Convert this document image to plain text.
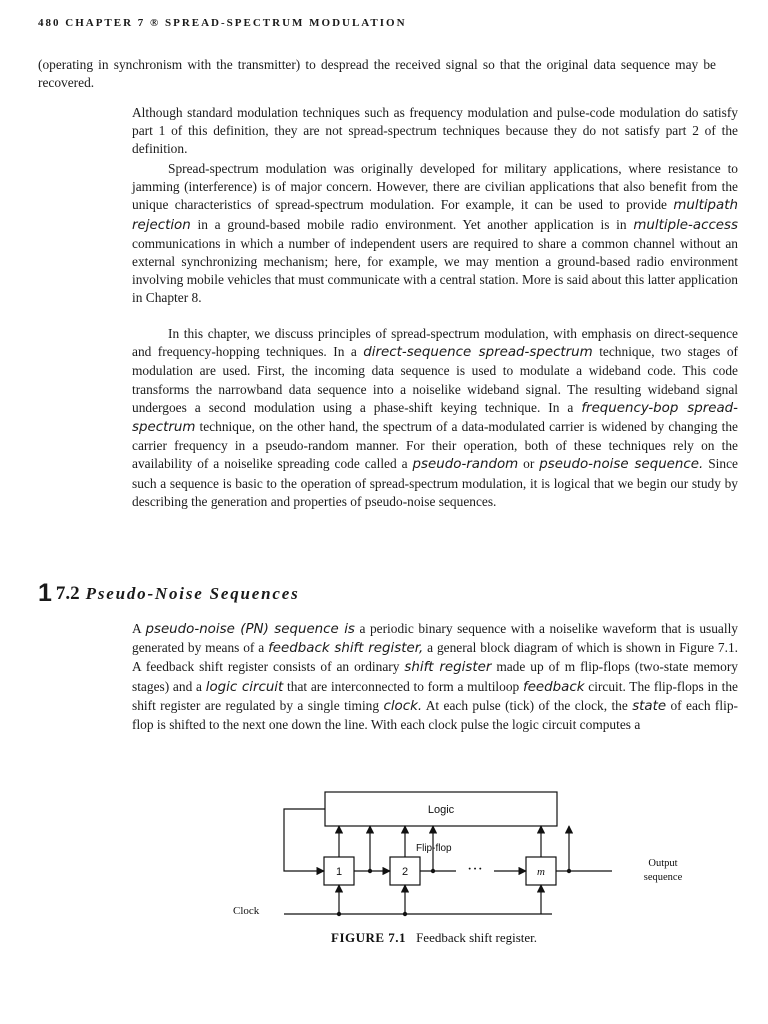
480 CHAPTER 7 ® SPREAD-SPECTRUM MODULATION

(operating in synchronism with the transmitter) to despread the received signal so that the original data sequence may be recovered.

Although standard modulation techniques such as frequency modulation and pulse-code modulation do satisfy part 1 of this definition, they are not spread-spectrum techniques because they do not satisfy part 2 of the definition.

Spread-spectrum modulation was originally developed for military applications, where resistance to jamming (interference) is of major concern. However, there are civilian applications that also benefit from the unique characteristics of spread-spectrum modulation. For example, it can be used to provide multipath rejection in a ground-based mobile radio environment. Yet another application is in multiple-access communications in which a number of independent users are required to share a common channel without an external synchronizing mechanism; here, for example, we may mention a ground-based radio environment involving mobile vehicles that must communicate with a central station. More is said about this latter application in Chapter 8.

In this chapter, we discuss principles of spread-spectrum modulation, with emphasis on direct-sequence and frequency-hopping techniques. In a direct-sequence spread-spectrum technique, two stages of modulation are used. First, the incoming data sequence is used to modulate a wideband code. This code transforms the narrowband data sequence into a noiselike wideband signal. The resulting wideband signal undergoes a second modulation using a phase-shift keying technique. In a frequency-bop spread-spectrum technique, on the other hand, the spectrum of a data-modulated carrier is widened by changing the carrier frequency in a pseudo-random manner. For their operation, both of these techniques rely on the availability of a noiselike spreading code called a pseudo-random or pseudo-noise sequence. Since such a sequence is basic to the operation of spread-spectrum modulation, it is logical that we begin our study by describing the generation and properties of pseudo-noise sequences.

1 7.2 Pseudo-Noise Sequences

A pseudo-noise (PN) sequence is a periodic binary sequence with a noiselike waveform that is usually generated by means of a feedback shift register, a general block diagram of which is shown in Figure 7.1. A feedback shift register consists of an ordinary shift register made up of m flip-flops (two-state memory stages) and a logic circuit that are interconnected to form a multiloop feedback circuit. The flip-flops in the shift register are regulated by a single timing clock. At each pulse (tick) of the clock, the state of each flip-flop is shifted to the next one down the line. With each clock pulse the logic circuit computes a

Logic
Flip-flop
1	2	m
···	Output
sequence
Clock
FIGURE 7.1 Feedback shift register.
